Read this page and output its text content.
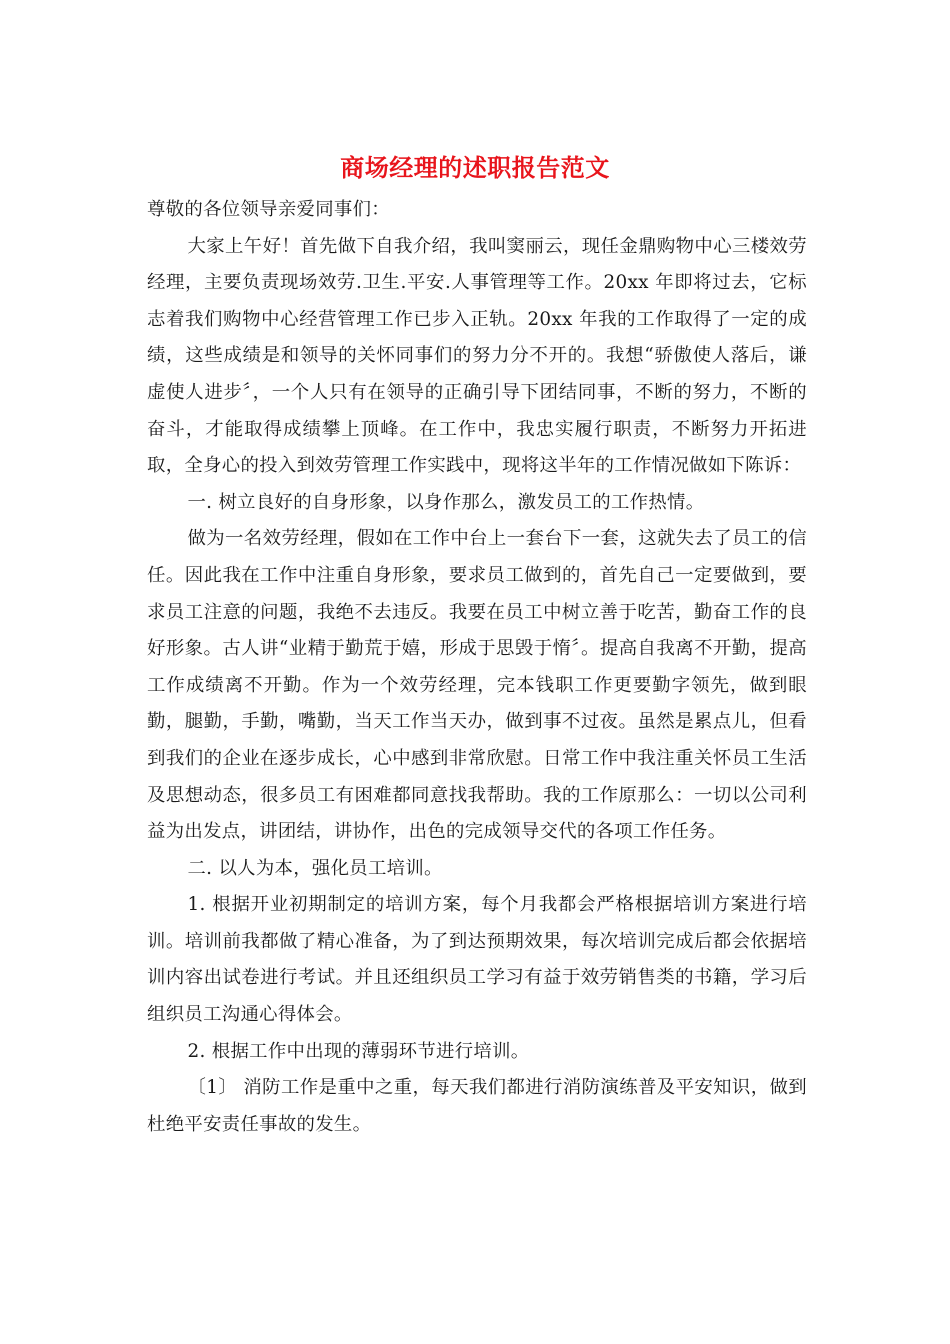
商场经理的述职报告范文

尊敬的各位领导亲爱同事们：

大家上午好！首先做下自我介绍，我叫窦丽云，现任金鼎购物中心三楼效劳经理，主要负责现场效劳.卫生.平安.人事管理等工作。20xx 年即将过去，它标志着我们购物中心经营管理工作已步入正轨。20xx 年我的工作取得了一定的成绩，这些成绩是和领导的关怀同事们的努力分不开的。我想“骄傲使人落后，谦虚使人进步〞，一个人只有在领导的正确引导下团结同事，不断的努力，不断的奋斗，才能取得成绩攀上顶峰。在工作中，我忠实履行职责，不断努力开拓进取，全身心的投入到效劳管理工作实践中，现将这半年的工作情况做如下陈诉：

一. 树立良好的自身形象，以身作那么，激发员工的工作热情。

做为一名效劳经理，假如在工作中台上一套台下一套，这就失去了员工的信任。因此我在工作中注重自身形象，要求员工做到的，首先自己一定要做到，要求员工注意的问题，我绝不去违反。我要在员工中树立善于吃苦，勤奋工作的良好形象。古人讲“业精于勤荒于嬉，形成于思毁于惰〞。提高自我离不开勤，提高工作成绩离不开勤。作为一个效劳经理，完本钱职工作更要勤字领先，做到眼勤，腿勤，手勤，嘴勤，当天工作当天办，做到事不过夜。虽然是累点儿，但看到我们的企业在逐步成长，心中感到非常欣慰。日常工作中我注重关怀员工生活及思想动态，很多员工有困难都同意找我帮助。我的工作原那么：一切以公司利益为出发点，讲团结，讲协作，出色的完成领导交代的各项工作任务。

二. 以人为本，强化员工培训。

1. 根据开业初期制定的培训方案，每个月我都会严格根据培训方案进行培训。培训前我都做了精心准备，为了到达预期效果，每次培训完成后都会依据培训内容出试卷进行考试。并且还组织员工学习有益于效劳销售类的书籍，学习后组织员工沟通心得体会。

2. 根据工作中出现的薄弱环节进行培训。

〔1〕 消防工作是重中之重，每天我们都进行消防演练普及平安知识，做到杜绝平安责任事故的发生。
